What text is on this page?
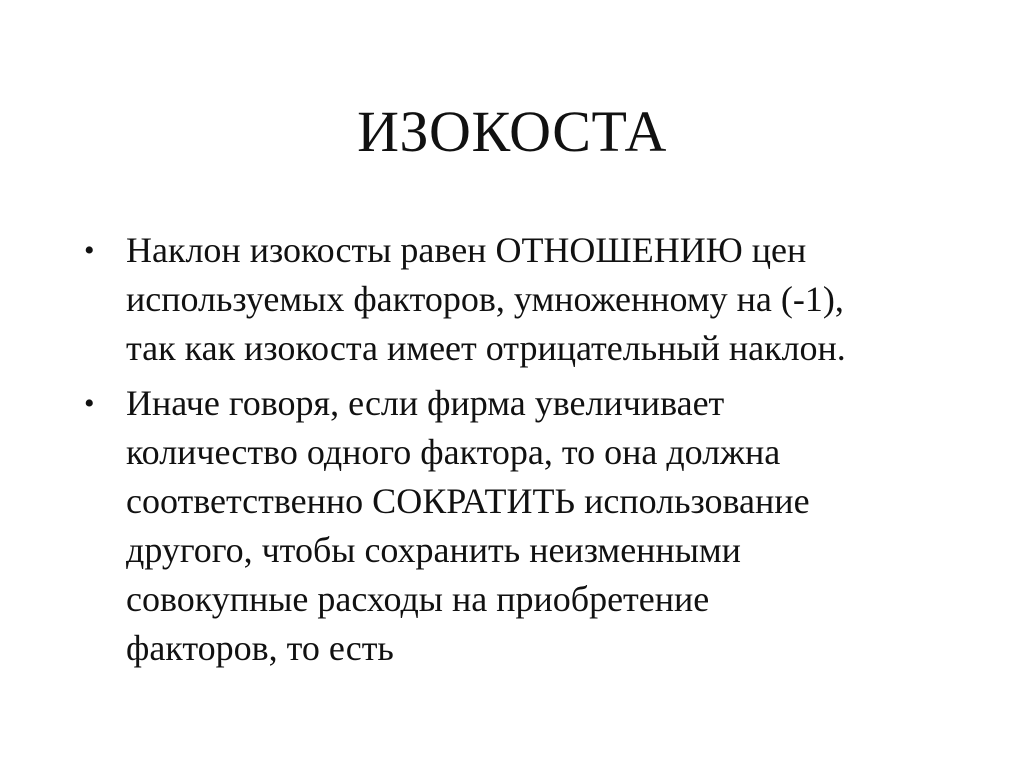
ИЗОКОСТА
• Наклон изокосты равен ОТНОШЕНИЮ цен
используемых факторов, умноженному на (-1),
так как изокоста имеет отрицательный наклон.
• Иначе говоря, если фирма увеличивает
количество одного фактора, то она должна
соответственно СОКРАТИТЬ использование
другого, чтобы сохранить неизменными
совокупные расходы на приобретение
факторов, то есть
